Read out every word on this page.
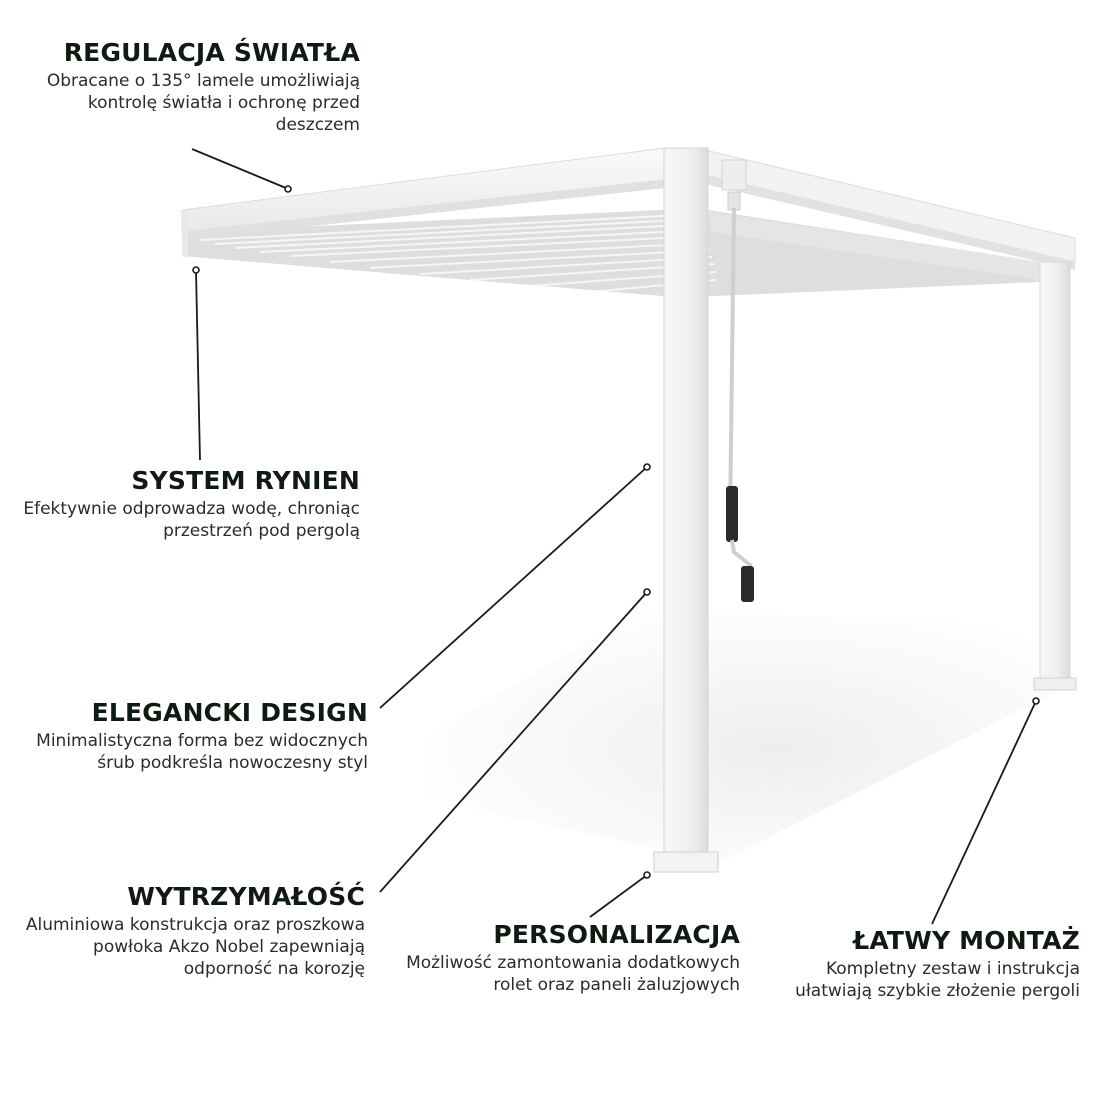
REGULACJA ŚWIATŁA

Obracane o 135° lamele umożliwiają kontrolę światła i ochronę przed deszczem

SYSTEM RYNIEN

Efektywnie odprowadza wodę, chroniąc przestrzeń pod pergolą

ELEGANCKI DESIGN

Minimalistyczna forma bez widocznych śrub podkreśla nowoczesny styl

WYTRZYMAŁOŚĆ

Aluminiowa konstrukcja oraz proszkowa powłoka Akzo Nobel zapewniają odporność na korozję

PERSONALIZACJA

Możliwość zamontowania dodatkowych rolet oraz paneli żaluzjowych

ŁATWY MONTAŻ

Kompletny zestaw i instrukcja ułatwiają szybkie złożenie pergoli
